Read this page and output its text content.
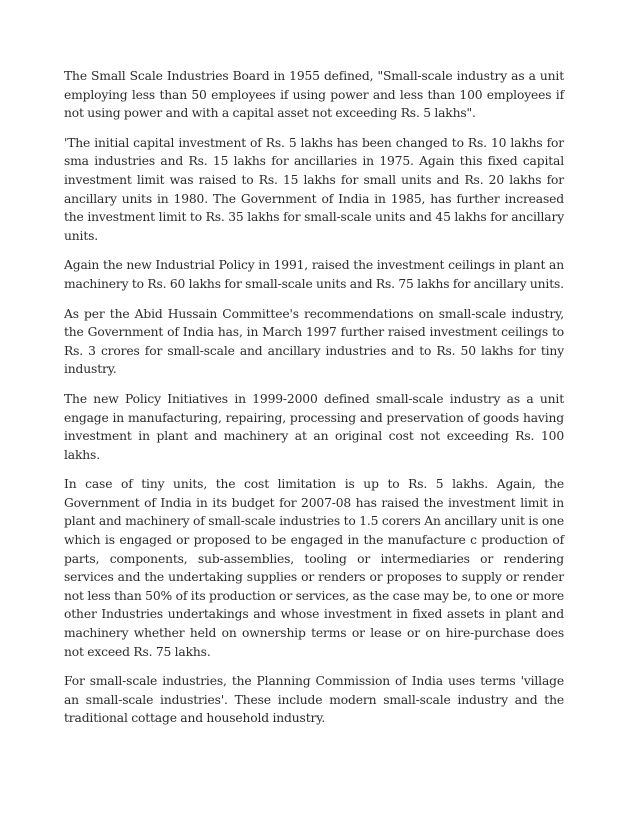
The Small Scale Industries Board in 1955 defined, "Small-scale industry as a unit employing less than 50 employees if using power and less than 100 employees if not using power and with a capital asset not exceeding Rs. 5 lakhs".

'The initial capital investment of Rs. 5 lakhs has been changed to Rs. 10 lakhs for sma industries and Rs. 15 lakhs for ancillaries in 1975. Again this fixed capital investment limit was raised to Rs. 15 lakhs for small units and Rs. 20 lakhs for ancillary units in 1980. The Government of India in 1985, has further increased the investment limit to Rs. 35 lakhs for small-scale units and 45 lakhs for ancillary units.

Again the new Industrial Policy in 1991, raised the investment ceilings in plant an machinery to Rs. 60 lakhs for small-scale units and Rs. 75 lakhs for ancillary units.

As per the Abid Hussain Committee's recommendations on small-scale industry, the Government of India has, in March 1997 further raised investment ceilings to Rs. 3 crores for small-scale and ancillary industries and to Rs. 50 lakhs for tiny industry.

The new Policy Initiatives in 1999-2000 defined small-scale industry as a unit engage in manufacturing, repairing, processing and preservation of goods having investment in plant and machinery at an original cost not exceeding Rs. 100 lakhs.

In case of tiny units, the cost limitation is up to Rs. 5 lakhs. Again, the Government of India in its budget for 2007-08 has raised the investment limit in plant and machinery of small-scale industries to 1.5 corers An ancillary unit is one which is engaged or proposed to be engaged in the manufacture c production of parts, components, sub-assemblies, tooling or intermediaries or rendering services and the undertaking supplies or renders or proposes to supply or render not less than 50% of its production or services, as the case may be, to one or more other Industries undertakings and whose investment in fixed assets in plant and machinery whether held on ownership terms or lease or on hire-purchase does not exceed Rs. 75 lakhs.

For small-scale industries, the Planning Commission of India uses terms 'village an small-scale industries'. These include modern small-scale industry and the traditional cottage and household industry.
